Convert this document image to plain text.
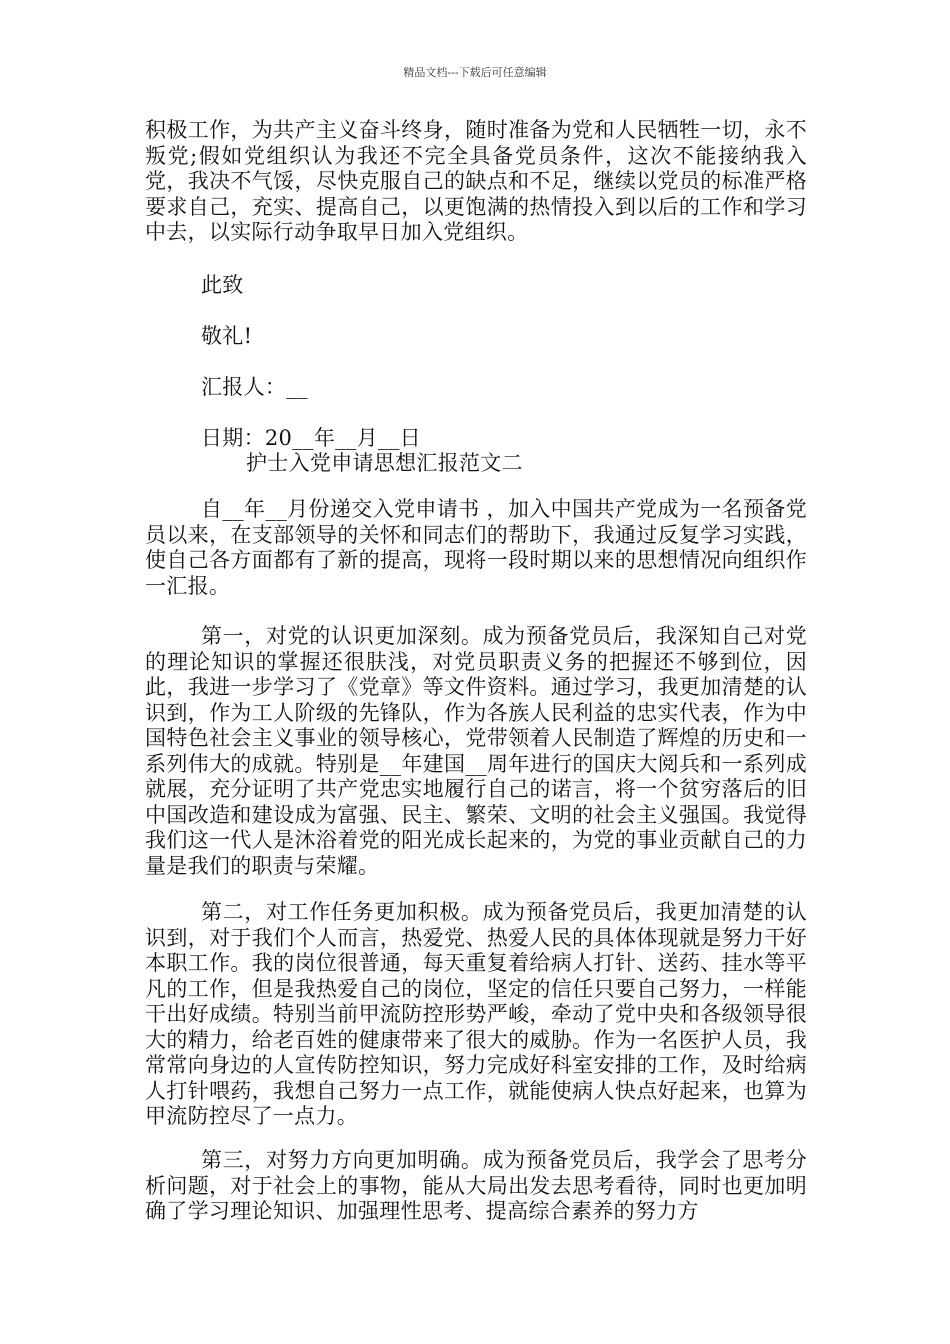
精品文档---下载后可任意编辑

积极工作，为共产主义奋斗终身，随时准备为党和人民牺牲一切，永不叛党;假如党组织认为我还不完全具备党员条件，这次不能接纳我入党，我决不气馁，尽快克服自己的缺点和不足，继续以党员的标准严格要求自己，充实、提高自己，以更饱满的热情投入到以后的工作和学习中去，以实际行动争取早日加入党组织。

此致
敬礼!
汇报人：__
日期：20__年__月__日
护士入党申请思想汇报范文二

自__年__月份递交入党申请书 ，加入中国共产党成为一名预备党员以来，在支部领导的关怀和同志们的帮助下，我通过反复学习实践，使自己各方面都有了新的提高，现将一段时期以来的思想情况向组织作一汇报。

第一，对党的认识更加深刻。成为预备党员后，我深知自己对党的理论知识的掌握还很肤浅，对党员职责义务的把握还不够到位，因此，我进一步学习了《党章》等文件资料。通过学习，我更加清楚的认识到，作为工人阶级的先锋队，作为各族人民利益的忠实代表，作为中国特色社会主义事业的领导核心，党带领着人民制造了辉煌的历史和一系列伟大的成就。特别是__年建国__周年进行的国庆大阅兵和一系列成就展，充分证明了共产党忠实地履行自己的诺言，将一个贫穷落后的旧中国改造和建设成为富强、民主、繁荣、文明的社会主义强国。我觉得我们这一代人是沐浴着党的阳光成长起来的，为党的事业贡献自己的力量是我们的职责与荣耀。

第二，对工作任务更加积极。成为预备党员后，我更加清楚的认识到，对于我们个人而言，热爱党、热爱人民的具体体现就是努力干好本职工作。我的岗位很普通，每天重复着给病人打针、送药、挂水等平凡的工作，但是我热爱自己的岗位，坚定的信任只要自己努力，一样能干出好成绩。特别当前甲流防控形势严峻，牵动了党中央和各级领导很大的精力，给老百姓的健康带来了很大的威胁。作为一名医护人员，我常常向身边的人宣传防控知识，努力完成好科室安排的工作，及时给病人打针喂药，我想自己努力一点工作，就能使病人快点好起来，也算为甲流防控尽了一点力。

第三，对努力方向更加明确。成为预备党员后，我学会了思考分析问题，对于社会上的事物，能从大局出发去思考看待，同时也更加明确了学习理论知识、加强理性思考、提高综合素养的努力方
